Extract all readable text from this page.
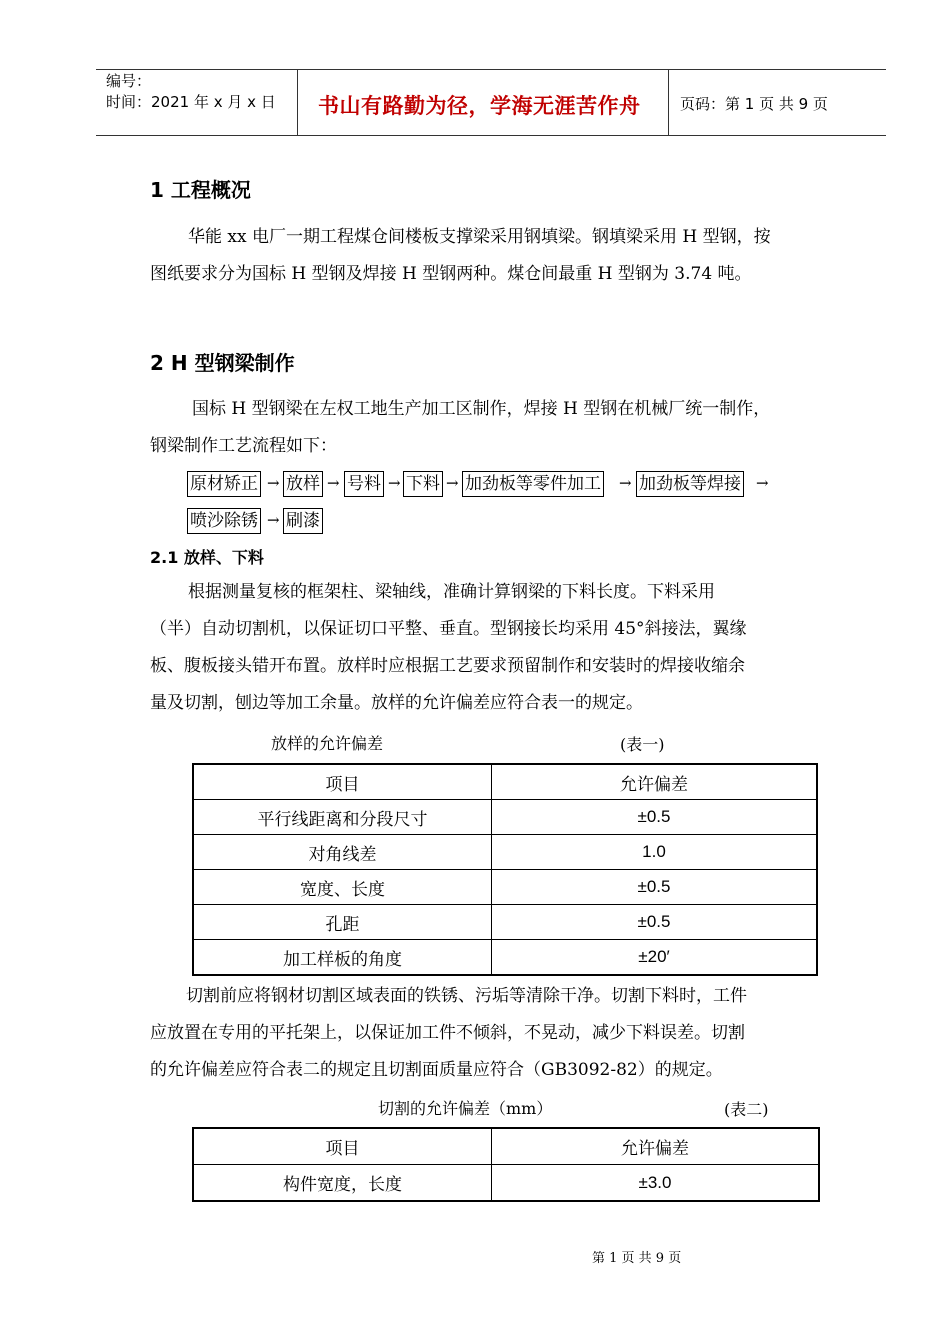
编号：
时间：2021 年 x 月 x 日 书山有路勤为径，学海无涯苦作舟	页码：第 1 页 共 9 页
1 工程概况
华能 xx 电厂一期工程煤仓间楼板支撑梁采用钢填梁。钢填梁采用 H 型钢，按
图纸要求分为国标 H 型钢及焊接 H 型钢两种。煤仓间最重 H 型钢为 3.74 吨。
2 H 型钢梁制作
国标 H 型钢梁在左权工地生产加工区制作，焊接 H 型钢在机械厂统一制作，
钢梁制作工艺流程如下：
原材矫正 → 放样 → 号料 → 下料 → 加劲板等零件加工 → 加劲板等焊接 →
喷沙除锈 → 刷漆
2.1 放样、下料
根据测量复核的框架柱、梁轴线，准确计算钢梁的下料长度。下料采用
（半）自动切割机，以保证切口平整、垂直。型钢接长均采用 45°斜接法，翼缘
板、腹板接头错开布置。放样时应根据工艺要求预留制作和安装时的焊接收缩余
量及切割，刨边等加工余量。放样的允许偏差应符合表一的规定。
放样的允许偏差	(表一)
项目	允许偏差
平行线距离和分段尺寸	±0.5
对角线差	1.0
宽度、长度	±0.5
孔距	±0.5
加工样板的角度	±20′
切割前应将钢材切割区域表面的铁锈、污垢等清除干净。切割下料时，工件
应放置在专用的平托架上，以保证加工件不倾斜，不晃动，减少下料误差。切割
的允许偏差应符合表二的规定且切割面质量应符合（GB3092-82）的规定。
切割的允许偏差（mm）	(表二)
项目	允许偏差
构件宽度，长度	±3.0
第 1 页 共 9 页
